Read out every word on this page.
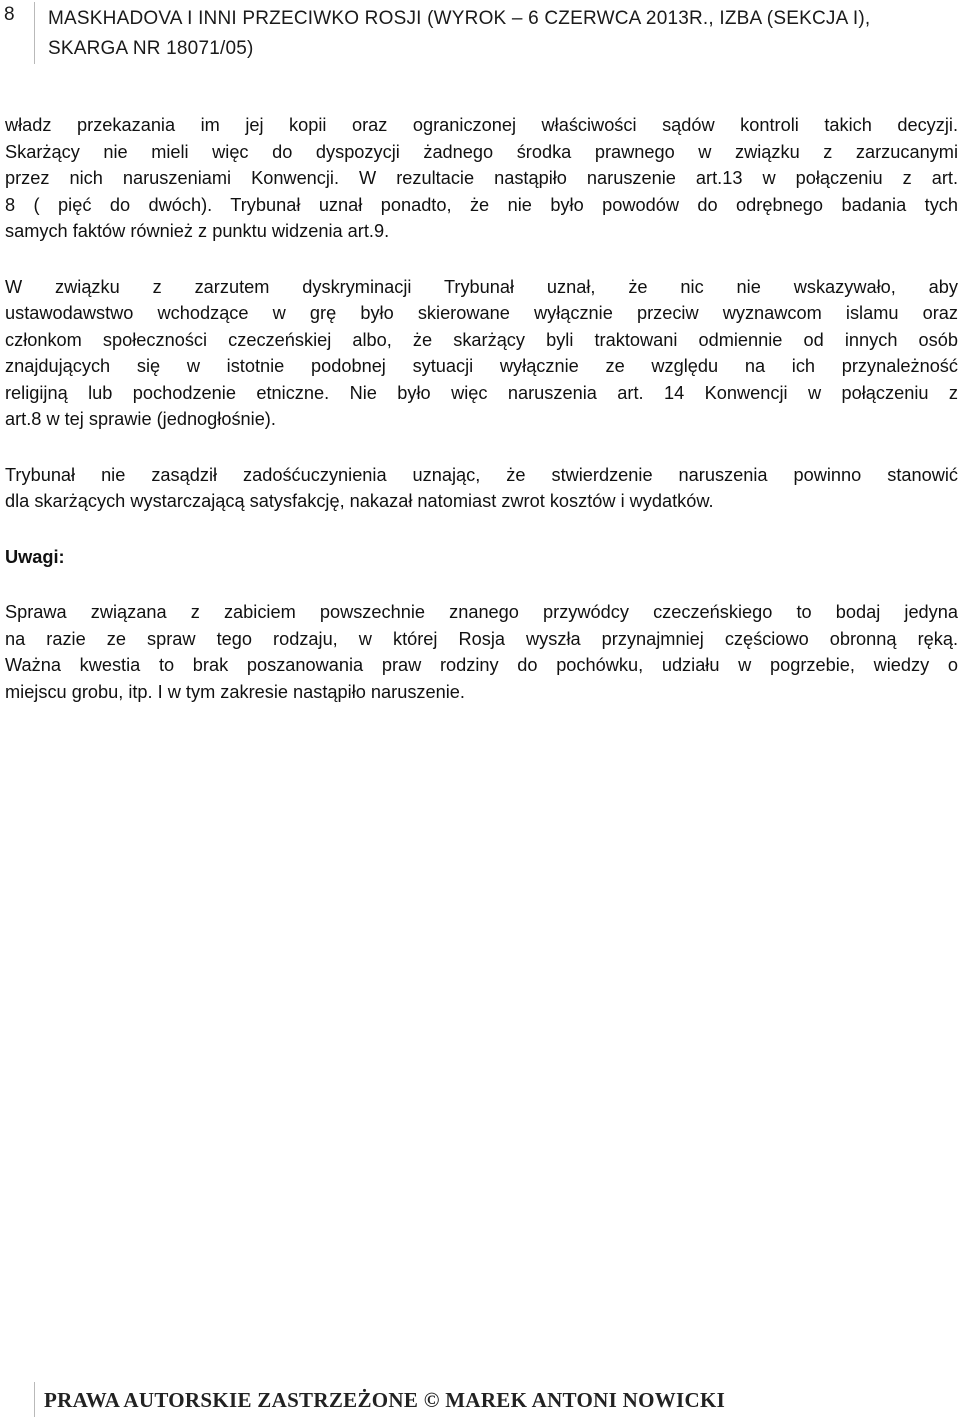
8	MASKHADOVA I INNI PRZECIWKO ROSJI (WYROK – 6 CZERWCA 2013R., IZBA (SEKCJA I),
SKARGA NR 18071/05)
władz przekazania im jej kopii oraz ograniczonej właściwości sądów kontroli takich decyzji.
Skarżący nie mieli więc do dyspozycji żadnego środka prawnego w związku z zarzucanymi
przez nich naruszeniami Konwencji. W rezultacie nastąpiło naruszenie art.13 w połączeniu z art.
8 ( pięć do dwóch). Trybunał uznał ponadto, że nie było powodów do odrębnego badania tych
samych faktów również z punktu widzenia art.9.
W związku z zarzutem dyskryminacji Trybunał uznał, że nic nie wskazywało, aby
ustawodawstwo wchodzące w grę było skierowane wyłącznie przeciw wyznawcom islamu oraz
członkom społeczności czeczeńskiej albo, że skarżący byli traktowani odmiennie od innych osób
znajdujących się w istotnie podobnej sytuacji wyłącznie ze względu na ich przynależność
religijną lub pochodzenie etniczne. Nie było więc naruszenia art. 14 Konwencji w połączeniu z
art.8 w tej sprawie (jednogłośnie).
Trybunał nie zasądził zadośćuczynienia uznając, że stwierdzenie naruszenia powinno stanowić
dla skarżących wystarczającą satysfakcję, nakazał natomiast zwrot kosztów i wydatków.
Uwagi:
Sprawa związana z zabiciem powszechnie znanego przywódcy czeczeńskiego to bodaj jedyna
na razie ze spraw tego rodzaju, w której Rosja wyszła przynajmniej częściowo obronną ręką.
Ważna kwestia to brak poszanowania praw rodziny do pochówku, udziału w pogrzebie, wiedzy o
miejscu grobu, itp. I w tym zakresie nastąpiło naruszenie.
PRAWA AUTORSKIE ZASTRZEŻONE © MAREK ANTONI NOWICKI
